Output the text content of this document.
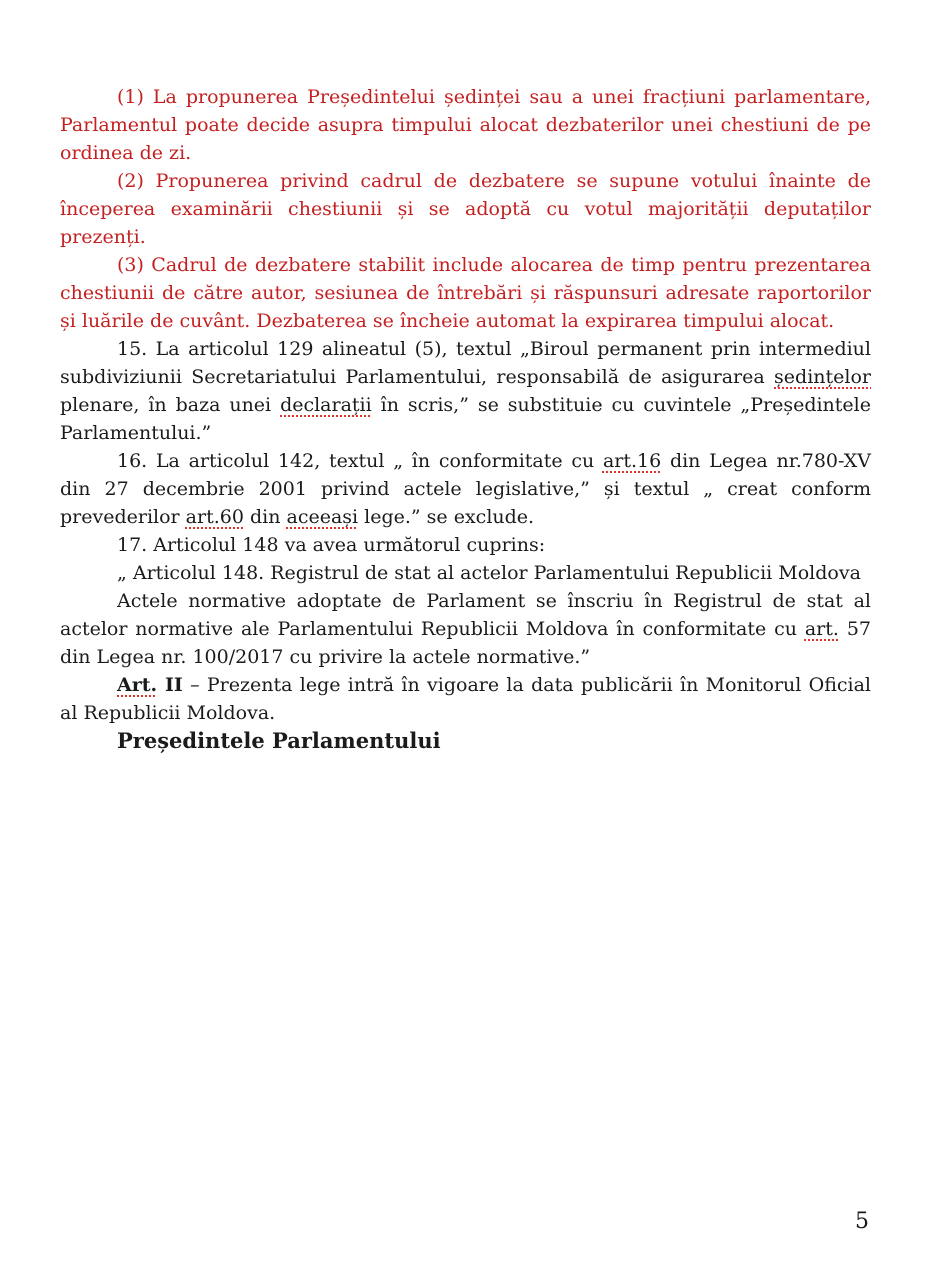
(1) La propunerea Președintelui ședinței sau a unei fracțiuni parlamentare, Parlamentul poate decide asupra timpului alocat dezbaterilor unei chestiuni de pe ordinea de zi.

(2) Propunerea privind cadrul de dezbatere se supune votului înainte de începerea examinării chestiunii și se adoptă cu votul majorității deputaților prezenți.

(3) Cadrul de dezbatere stabilit include alocarea de timp pentru prezentarea chestiunii de către autor, sesiunea de întrebări și răspunsuri adresate raportorilor și luările de cuvânt. Dezbaterea se încheie automat la expirarea timpului alocat.

15. La articolul 129 alineatul (5), textul „Biroul permanent prin intermediul subdiviziunii Secretariatului Parlamentului, responsabilă de asigurarea ședințelor plenare, în baza unei declarații în scris,” se substituie cu cuvintele „Președintele Parlamentului.”

16. La articolul 142, textul „ în conformitate cu art.16 din Legea nr.780-XV din 27 decembrie 2001 privind actele legislative,” și textul „ creat conform prevederilor art.60 din aceeași lege.” se exclude.

17. Articolul 148 va avea următorul cuprins:

„ Articolul 148. Registrul de stat al actelor Parlamentului Republicii Moldova

Actele normative adoptate de Parlament se înscriu în Registrul de stat al actelor normative ale Parlamentului Republicii Moldova în conformitate cu art. 57 din Legea nr. 100/2017 cu privire la actele normative.”

Art. II – Prezenta lege intră în vigoare la data publicării în Monitorul Oficial al Republicii Moldova.

Președintele Parlamentului

5
